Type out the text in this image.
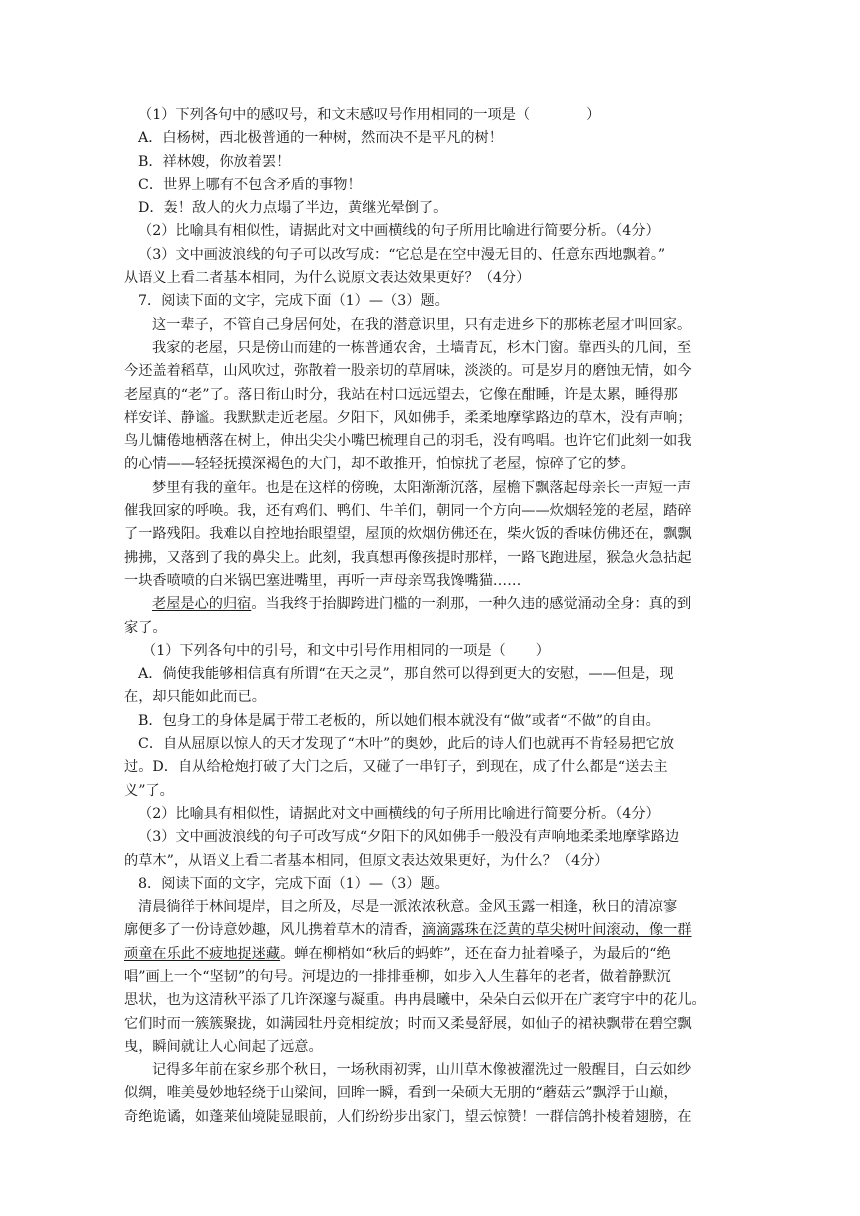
（1）下列各句中的感叹号，和文末感叹号作用相同的一项是（	）
A．白杨树，西北极普通的一种树，然而决不是平凡的树！
B．祥林嫂，你放着罢！
C．世界上哪有不包含矛盾的事物！
D．轰！敌人的火力点塌了半边，黄继光晕倒了。
（2）比喻具有相似性，请据此对文中画横线的句子所用比喻进行简要分析。（4分）
（3）文中画波浪线的句子可以改写成：“它总是在空中漫无目的、任意东西地飘着。”
从语义上看二者基本相同，为什么说原文表达效果更好？（4分）
7．阅读下面的文字，完成下面（1）—（3）题。
这一辈子，不管自己身居何处，在我的潜意识里，只有走进乡下的那栋老屋才叫回家。
我家的老屋，只是傍山而建的一栋普通农舍，土墙青瓦，杉木门窗。靠西头的几间，至
今还盖着稻草，山风吹过，弥散着一股亲切的草屑味，淡淡的。可是岁月的磨蚀无情，如今
老屋真的“老”了。落日衔山时分，我站在村口远远望去，它像在酣睡，许是太累，睡得那
样安详、静谧。我默默走近老屋。夕阳下，风如佛手，柔柔地摩挲路边的草木，没有声响；
鸟儿慵倦地栖落在树上，伸出尖尖小嘴巴梳理自己的羽毛，没有鸣唱。也许它们此刻一如我
的心情——轻轻抚摸深褐色的大门，却不敢推开，怕惊扰了老屋，惊碎了它的梦。
梦里有我的童年。也是在这样的傍晚，太阳渐渐沉落，屋檐下飘落起母亲长一声短一声
催我回家的呼唤。我，还有鸡们、鸭们、牛羊们，朝同一个方向——炊烟轻笼的老屋，踏碎
了一路残阳。我难以自控地抬眼望望，屋顶的炊烟仿佛还在，柴火饭的香味仿佛还在，飘飘
拂拂，又落到了我的鼻尖上。此刻，我真想再像孩提时那样，一路飞跑进屋，猴急火急拈起
一块香喷喷的白米锅巴塞进嘴里，再听一声母亲骂我馋嘴猫……
老屋是心的归宿。当我终于抬脚跨进门槛的一刹那，一种久违的感觉涌动全身：真的到
家了。
（1）下列各句中的引号，和文中引号作用相同的一项是（ ）
A．倘使我能够相信真有所谓“在天之灵”，那自然可以得到更大的安慰，——但是，现
在，却只能如此而已。
B．包身工的身体是属于带工老板的，所以她们根本就没有“做”或者“不做”的自由。
C．自从屈原以惊人的天才发现了“木叶”的奥妙，此后的诗人们也就再不肯轻易把它放
过。D．自从给枪炮打破了大门之后，又碰了一串钉子，到现在，成了什么都是“送去主
义”了。
（2）比喻具有相似性，请据此对文中画横线的句子所用比喻进行简要分析。（4分）
（3）文中画波浪线的句子可改写成“夕阳下的风如佛手一般没有声响地柔柔地摩挲路边
的草木”，从语义上看二者基本相同，但原文表达效果更好，为什么？（4分）
8．阅读下面的文字，完成下面（1）—（3）题。
清晨徜徉于林间堤岸，目之所及，尽是一派浓浓秋意。金风玉露一相逢，秋日的清凉寥
廓便多了一份诗意妙趣，风儿携着草木的清香，滴滴露珠在泛黄的草尖树叶间滚动，像一群
顽童在乐此不疲地捉迷藏。蝉在柳梢如“秋后的蚂蚱”，还在奋力扯着嗓子，为最后的“绝
唱”画上一个“坚韧”的句号。河堤边的一排排垂柳，如步入人生暮年的老者，做着静默沉
思状，也为这清秋平添了几许深邃与凝重。冉冉晨曦中，朵朵白云似开在广袤穹宇中的花儿。
它们时而一簇簇聚拢，如满园牡丹竞相绽放；时而又柔曼舒展，如仙子的裙袂飘带在碧空飘
曳，瞬间就让人心间起了远意。
记得多年前在家乡那个秋日，一场秋雨初霁，山川草木像被濯洗过一般醒目，白云如纱
似绸，唯美曼妙地轻绕于山梁间，回眸一瞬，看到一朵硕大无朋的“蘑菇云”飘浮于山巅，
奇绝诡谲，如蓬莱仙境陡显眼前，人们纷纷步出家门，望云惊赞！一群信鸽扑棱着翅膀，在
